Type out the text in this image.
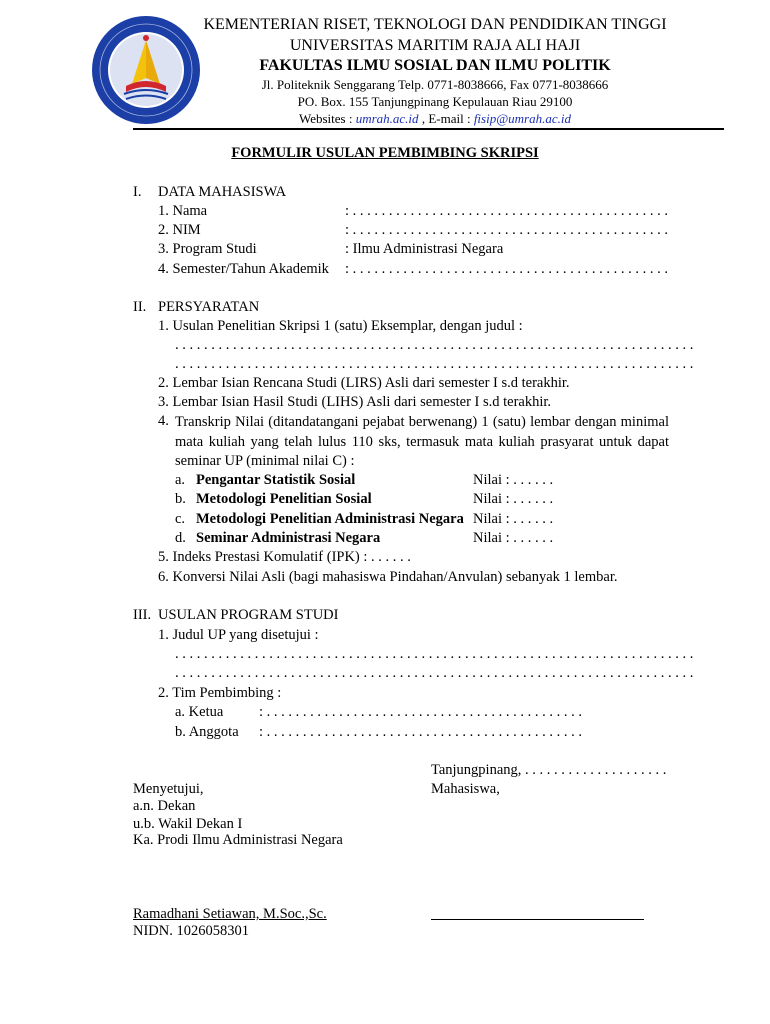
KEMENTERIAN RISET, TEKNOLOGI DAN PENDIDIKAN TINGGI
UNIVERSITAS MARITIM RAJA ALI HAJI
FAKULTAS ILMU SOSIAL DAN ILMU POLITIK
Jl. Politeknik Senggarang Telp. 0771-8038666, Fax 0771-8038666
PO. Box. 155 Tanjungpinang Kepulauan Riau 29100
Websites : umrah.ac.id , E-mail : fisip@umrah.ac.id
FORMULIR USULAN PEMBIMBING SKRIPSI
I. DATA MAHASISWA
1. Nama	: . . . . . . . . . . . . . . . . . . . . . . . . . . . . . . . . . . . . . . . . . . . .
2. NIM	: . . . . . . . . . . . . . . . . . . . . . . . . . . . . . . . . . . . . . . . . . . . .
3. Program Studi	: Ilmu Administrasi Negara
4. Semester/Tahun Akademik : . . . . . . . . . . . . . . . . . . . . . . . . . . . . . . . . . . . . . . . . . . . .
II. PERSYARATAN
1. Usulan Penelitian Skripsi 1 (satu) Eksemplar, dengan judul :
. . . . . . . . . . . . . . . . . . . . . . . . . . . . . . . . . . . . . . . . . . . . . . . . . . . . . . . . . . . . . . . . . . . . . . . .
. . . . . . . . . . . . . . . . . . . . . . . . . . . . . . . . . . . . . . . . . . . . . . . . . . . . . . . . . . . . . . . . . . . . . . . .
2. Lembar Isian Rencana Studi (LIRS) Asli dari semester I s.d terakhir.
3. Lembar Isian Hasil Studi (LIHS) Asli dari semester I s.d terakhir.
4. Transkrip Nilai (ditandatangani pejabat berwenang) 1 (satu) lembar dengan minimal mata kuliah yang telah lulus 110 sks, termasuk mata kuliah prasyarat untuk dapat seminar UP (minimal nilai C) :
a. Pengantar Statistik Sosial	Nilai : . . . . . .
b. Metodologi Penelitian Sosial	Nilai : . . . . . .
c. Metodologi Penelitian Administrasi Negara Nilai : . . . . . .
d. Seminar Administrasi Negara	Nilai : . . . . . .
5. Indeks Prestasi Komulatif (IPK) : . . . . . .
6. Konversi Nilai Asli (bagi mahasiswa Pindahan/Anvulan) sebanyak 1 lembar.
III. USULAN PROGRAM STUDI
1. Judul UP yang disetujui :
. . . . . . . . . . . . . . . . . . . . . . . . . . . . . . . . . . . . . . . . . . . . . . . . . . . . . . . . . . . . . . . . . . . . . . . .
. . . . . . . . . . . . . . . . . . . . . . . . . . . . . . . . . . . . . . . . . . . . . . . . . . . . . . . . . . . . . . . . . . . . . . . .
2. Tim Pembimbing :
a. Ketua : . . . . . . . . . . . . . . . . . . . . . . . . . . . . . . . . . . . . . . . . . . . .
b. Anggota : . . . . . . . . . . . . . . . . . . . . . . . . . . . . . . . . . . . . . . . . . . . .
Tanjungpinang, . . . . . . . . . . . . . . . . . . . .
Mahasiswa,
Menyetujui,
a.n. Dekan
u.b. Wakil Dekan I
Ka. Prodi Ilmu Administrasi Negara
Ramadhani Setiawan, M.Soc.,Sc.
NIDN. 1026058301
